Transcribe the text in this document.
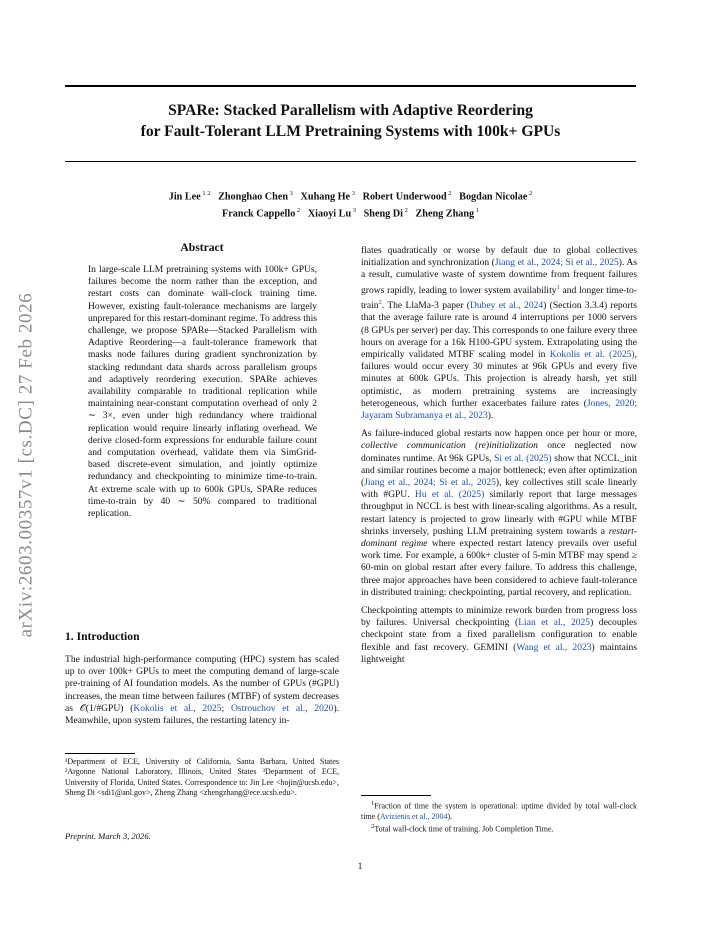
arXiv:2603.00357v1 [cs.DC] 27 Feb 2026
SPARe: Stacked Parallelism with Adaptive Reordering
for Fault-Tolerant LLM Pretraining Systems with 100k+ GPUs
Jin Lee $^{1 2}$ Zhonghao Chen $^3$ Xuhang He $^3$ Robert Underwood $^2$ Bogdan Nicolae $^2$
Franck Cappello $^2$ Xiaoyi Lu $^3$ Sheng Di $^2$ Zheng Zhang $^1$
Abstract
In large-scale LLM pretraining systems with 100k+ GPUs, failures become the norm rather than the exception, and restart costs can dominate wall-clock training time. However, existing fault-tolerance mechanisms are largely unprepared for this restart-dominant regime. To address this challenge, we propose SPARe—Stacked Parallelism with Adaptive Reordering—a fault-tolerance framework that masks node failures during gradient synchronization by stacking redundant data shards across parallelism groups and adaptively reordering execution. SPARe achieves availability comparable to traditional replication while maintaining near-constant computation overhead of only 2 ∼ 3×, even under high redundancy where traidional replication would require linearly inflating overhead. We derive closed-form expressions for endurable failure count and computation overhead, validate them via SimGrid-based discrete-event simulation, and jointly optimize redundancy and checkpointing to minimize time-to-train. At extreme scale with up to 600k GPUs, SPARe reduces time-to-train by 40 ∼ 50% compared to traditional replication.
1. Introduction

The industrial high-performance computing (HPC) system has scaled up to over 100k+ GPUs to meet the computing demand of large-scale pre-training of AI foundation models. As the number of GPUs (#GPU) increases, the mean time between failures (MTBF) of system decreases as 𝒪(1/#GPU) (Kokolis et al., 2025; Ostrouchov et al., 2020). Meanwhile, upon system failures, the restarting latency in-

¹Department of ECE, University of California, Santa Barbara, United States ²Argonne National Laboratory, Illinois, United States ³Department of ECE, University of Florida, United States. Correspondence to: Jin Lee <hojin@ucsb.edu>, Sheng Di <sdi1@anl.gov>, Zheng Zhang <zhengzhang@ece.ucsb.edu>.
Preprint. March 3, 2026.

flates quadratically or worse by default due to global collectives initialization and synchronization (Jiang et al., 2024; Si et al., 2025). As a result, cumulative waste of system downtime from frequent failures grows rapidly, leading to lower system availability$^1$ and longer time-to-train$^2$. The LlaMa-3 paper (Dubey et al., 2024) (Section 3.3.4) reports that the average failure rate is around 4 interruptions per 1000 servers (8 GPUs per server) per day. This corresponds to one failure every three hours on average for a 16k H100-GPU system. Extrapolating using the empirically validated MTBF scaling model in Kokolis et al. (2025), failures would occur every 30 minutes at 96k GPUs and every five minutes at 600k GPUs. This projection is already harsh, yet still optimistic, as modern pretraining systems are increasingly heterogeneous, which further exacerbates failure rates (Jones, 2020; Jayaram Subramanya et al., 2023).

As failure-induced global restarts now happen once per hour or more, collective communication (re)initialization once neglected now dominates runtime. At 96k GPUs, Si et al. (2025) show that NCCL_init and similar routines become a major bottleneck; even after optimization (Jiang et al., 2024; Si et al., 2025), key collectives still scale linearly with #GPU. Hu et al. (2025) similarly report that large messages throughput in NCCL is best with linear-scaling algorithms. As a result, restart latency is projected to grow linearly with #GPU while MTBF shrinks inversely, pushing LLM pretraining system towards a restart-dominant regime where expected restart latency prevails over useful work time. For example, a 600k+ cluster of 5-min MTBF may spend ≥ 60-min on global restart after every failure. To address this challenge, three major approaches have been considered to achieve fault-tolerance in distributed training: checkpointing, partial recovery, and replication.

Checkpointing attempts to minimize rework burden from progress loss by failures. Universal checkpointing (Lian et al., 2025) decouples checkpoint state from a fixed parallelism configuration to enable flexible and fast recovery. GEMINI (Wang et al., 2023) maintains lightweight

$^1$Fraction of time the system is operational: uptime divided by total wall-clock time (Avizienis et al., 2004).
$^2$Total wall-clock time of training. Job Completion Time.
1
